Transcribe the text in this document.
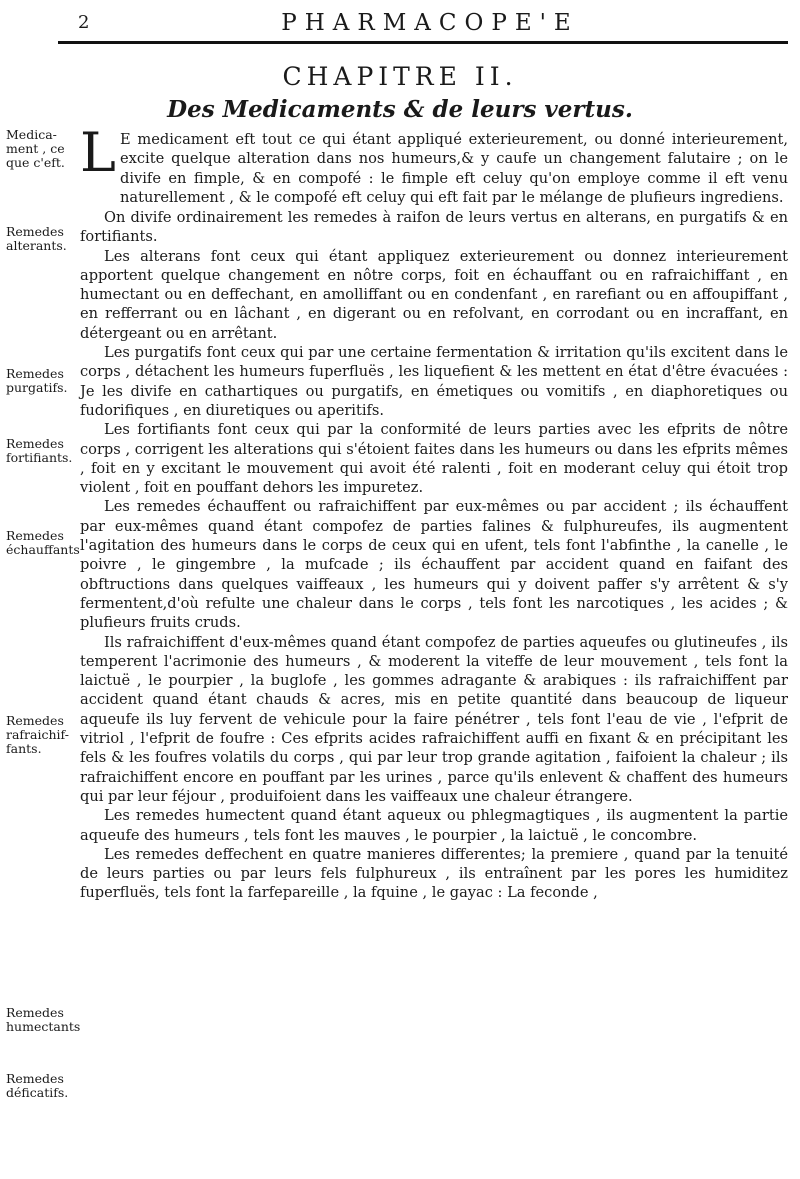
2	PHARMACOPE'E
CHAPITRE II.
Des Medicaments & de leurs vertus.
Medica-ment , ce que c'eft.
Remedes alterants.
Remedes purgatifs.
Remedes fortifiants.
Remedes échauffants
Remedes rafraichif-fants.
Remedes humectants
Remedes déficatifs.
L E medicament eft tout ce qui étant appliqué exterieurement, ou donné interieurement, excite quelque alteration dans nos humeurs,& y caufe un changement falutaire ; on le divife en fimple, & en compofé : le fimple eft celuy qu'on employe comme il eft venu naturellement , & le compofé eft celuy qui eft fait par le mélange de plufieurs ingrediens.

On divife ordinairement les remedes à raifon de leurs vertus en alterans, en purgatifs & en fortifiants.

Les alterans font ceux qui étant appliquez exterieurement ou donnez interieurement apportent quelque changement en nôtre corps, foit en échauffant ou en rafraichiffant , en humectant ou en deffechant, en amolliffant ou en condenfant , en rarefiant ou en affoupiffant , en refferrant ou en lâchant , en digerant ou en refolvant, en corrodant ou en incraffant, en détergeant ou en arrêtant.

Les purgatifs font ceux qui par une certaine fermentation & irritation qu'ils excitent dans le corps , détachent les humeurs fuperfluës , les liquefient & les mettent en état d'être évacuées : Je les divife en cathartiques ou purgatifs, en émetiques ou vomitifs , en diaphoretiques ou fudorifiques , en diuretiques ou aperitifs.

Les fortifiants font ceux qui par la conformité de leurs parties avec les efprits de nôtre corps , corrigent les alterations qui s'étoient faites dans les humeurs ou dans les efprits mêmes , foit en y excitant le mouvement qui avoit été ralenti , foit en moderant celuy qui étoit trop violent , foit en pouffant dehors les impuretez.

Les remedes échauffent ou rafraichiffent par eux-mêmes ou par accident ; ils échauffent par eux-mêmes quand étant compofez de parties falines & fulphureufes, ils augmentent l'agitation des humeurs dans le corps de ceux qui en ufent, tels font l'abfinthe , la canelle , le poivre , le gingembre , la mufcade ; ils échauffent par accident quand en faifant des obftructions dans quelques vaiffeaux , les humeurs qui y doivent paffer s'y arrêtent & s'y fermentent,d'où refulte une chaleur dans le corps , tels font les narcotiques , les acides ; & plufieurs fruits cruds.

Ils rafraichiffent d'eux-mêmes quand étant compofez de parties aqueufes ou glutineufes , ils temperent l'acrimonie des humeurs , & moderent la viteffe de leur mouvement , tels font la laictuë , le pourpier , la buglofe , les gommes adragante & arabiques : ils rafraichiffent par accident quand étant chauds & acres, mis en petite quantité dans beaucoup de liqueur aqueufe ils luy fervent de vehicule pour la faire pénétrer , tels font l'eau de vie , l'efprit de vitriol , l'efprit de foufre : Ces efprits acides rafraichiffent auffi en fixant & en précipitant les fels & les foufres volatils du corps , qui par leur trop grande agitation , faifoient la chaleur ; ils rafraichiffent encore en pouffant par les urines , parce qu'ils enlevent & chaffent des humeurs qui par leur féjour , produifoient dans les vaiffeaux une chaleur étrangere.

Les remedes humectent quand étant aqueux ou phlegmagtiques , ils augmentent la partie aqueufe des humeurs , tels font les mauves , le pourpier , la laictuë , le concombre.

Les remedes deffechent en quatre manieres differentes; la premiere , quand par la tenuité de leurs parties ou par leurs fels fulphureux , ils entraînent par les pores les humiditez fuperfluës, tels font la farfepareille , la fquine , le gayac : La feconde ,
